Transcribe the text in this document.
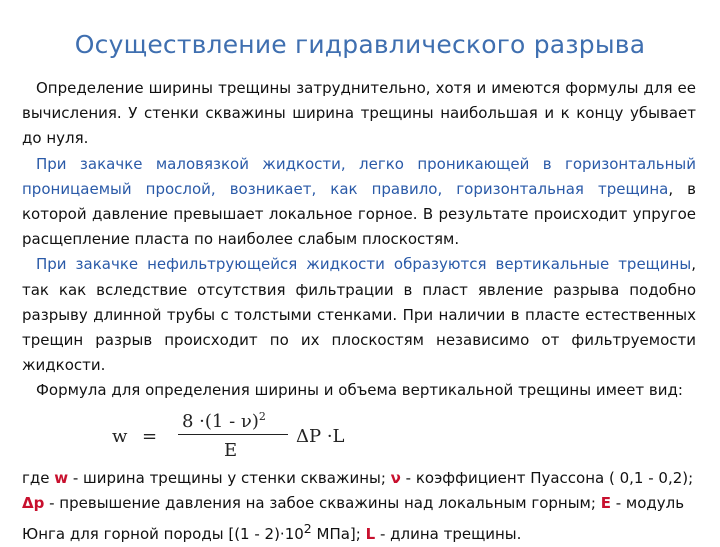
Осуществление гидравлического разрыва

Определение ширины трещины затруднительно, хотя и имеются формулы для ее вычисления. У стенки скважины ширина трещины наибольшая и к концу убывает до нуля.

При закачке маловязкой жидкости, легко проникающей в горизонтальный проницаемый прослой, возникает, как правило, горизонтальная трещина, в которой давление превышает локальное горное. В результате происходит упругое расщепление пласта по наиболее слабым плоскостям.

При закачке нефильтрующейся жидкости образуются вертикальные трещины, так как вследствие отсутствия фильтрации в пласт явление разрыва подобно разрыву длинной трубы с толстыми стенками. При наличии в пласте естественных трещин разрыв происходит по их плоскостям независимо от фильтруемости жидкости.

Формула для определения ширины и объема вертикальной трещины имеет вид:

w =
8 ·(1 - ν)$^2$
E
ΔP ·L

где w - ширина трещины у стенки скважины; ν - коэффициент Пуассона ( 0,1 - 0,2); Δp - превышение давления на забое скважины над локальным горным; E - модуль Юнга для горной породы [$(1 - 2)\cdot 10^2$ МПа]; L - длина трещины.
